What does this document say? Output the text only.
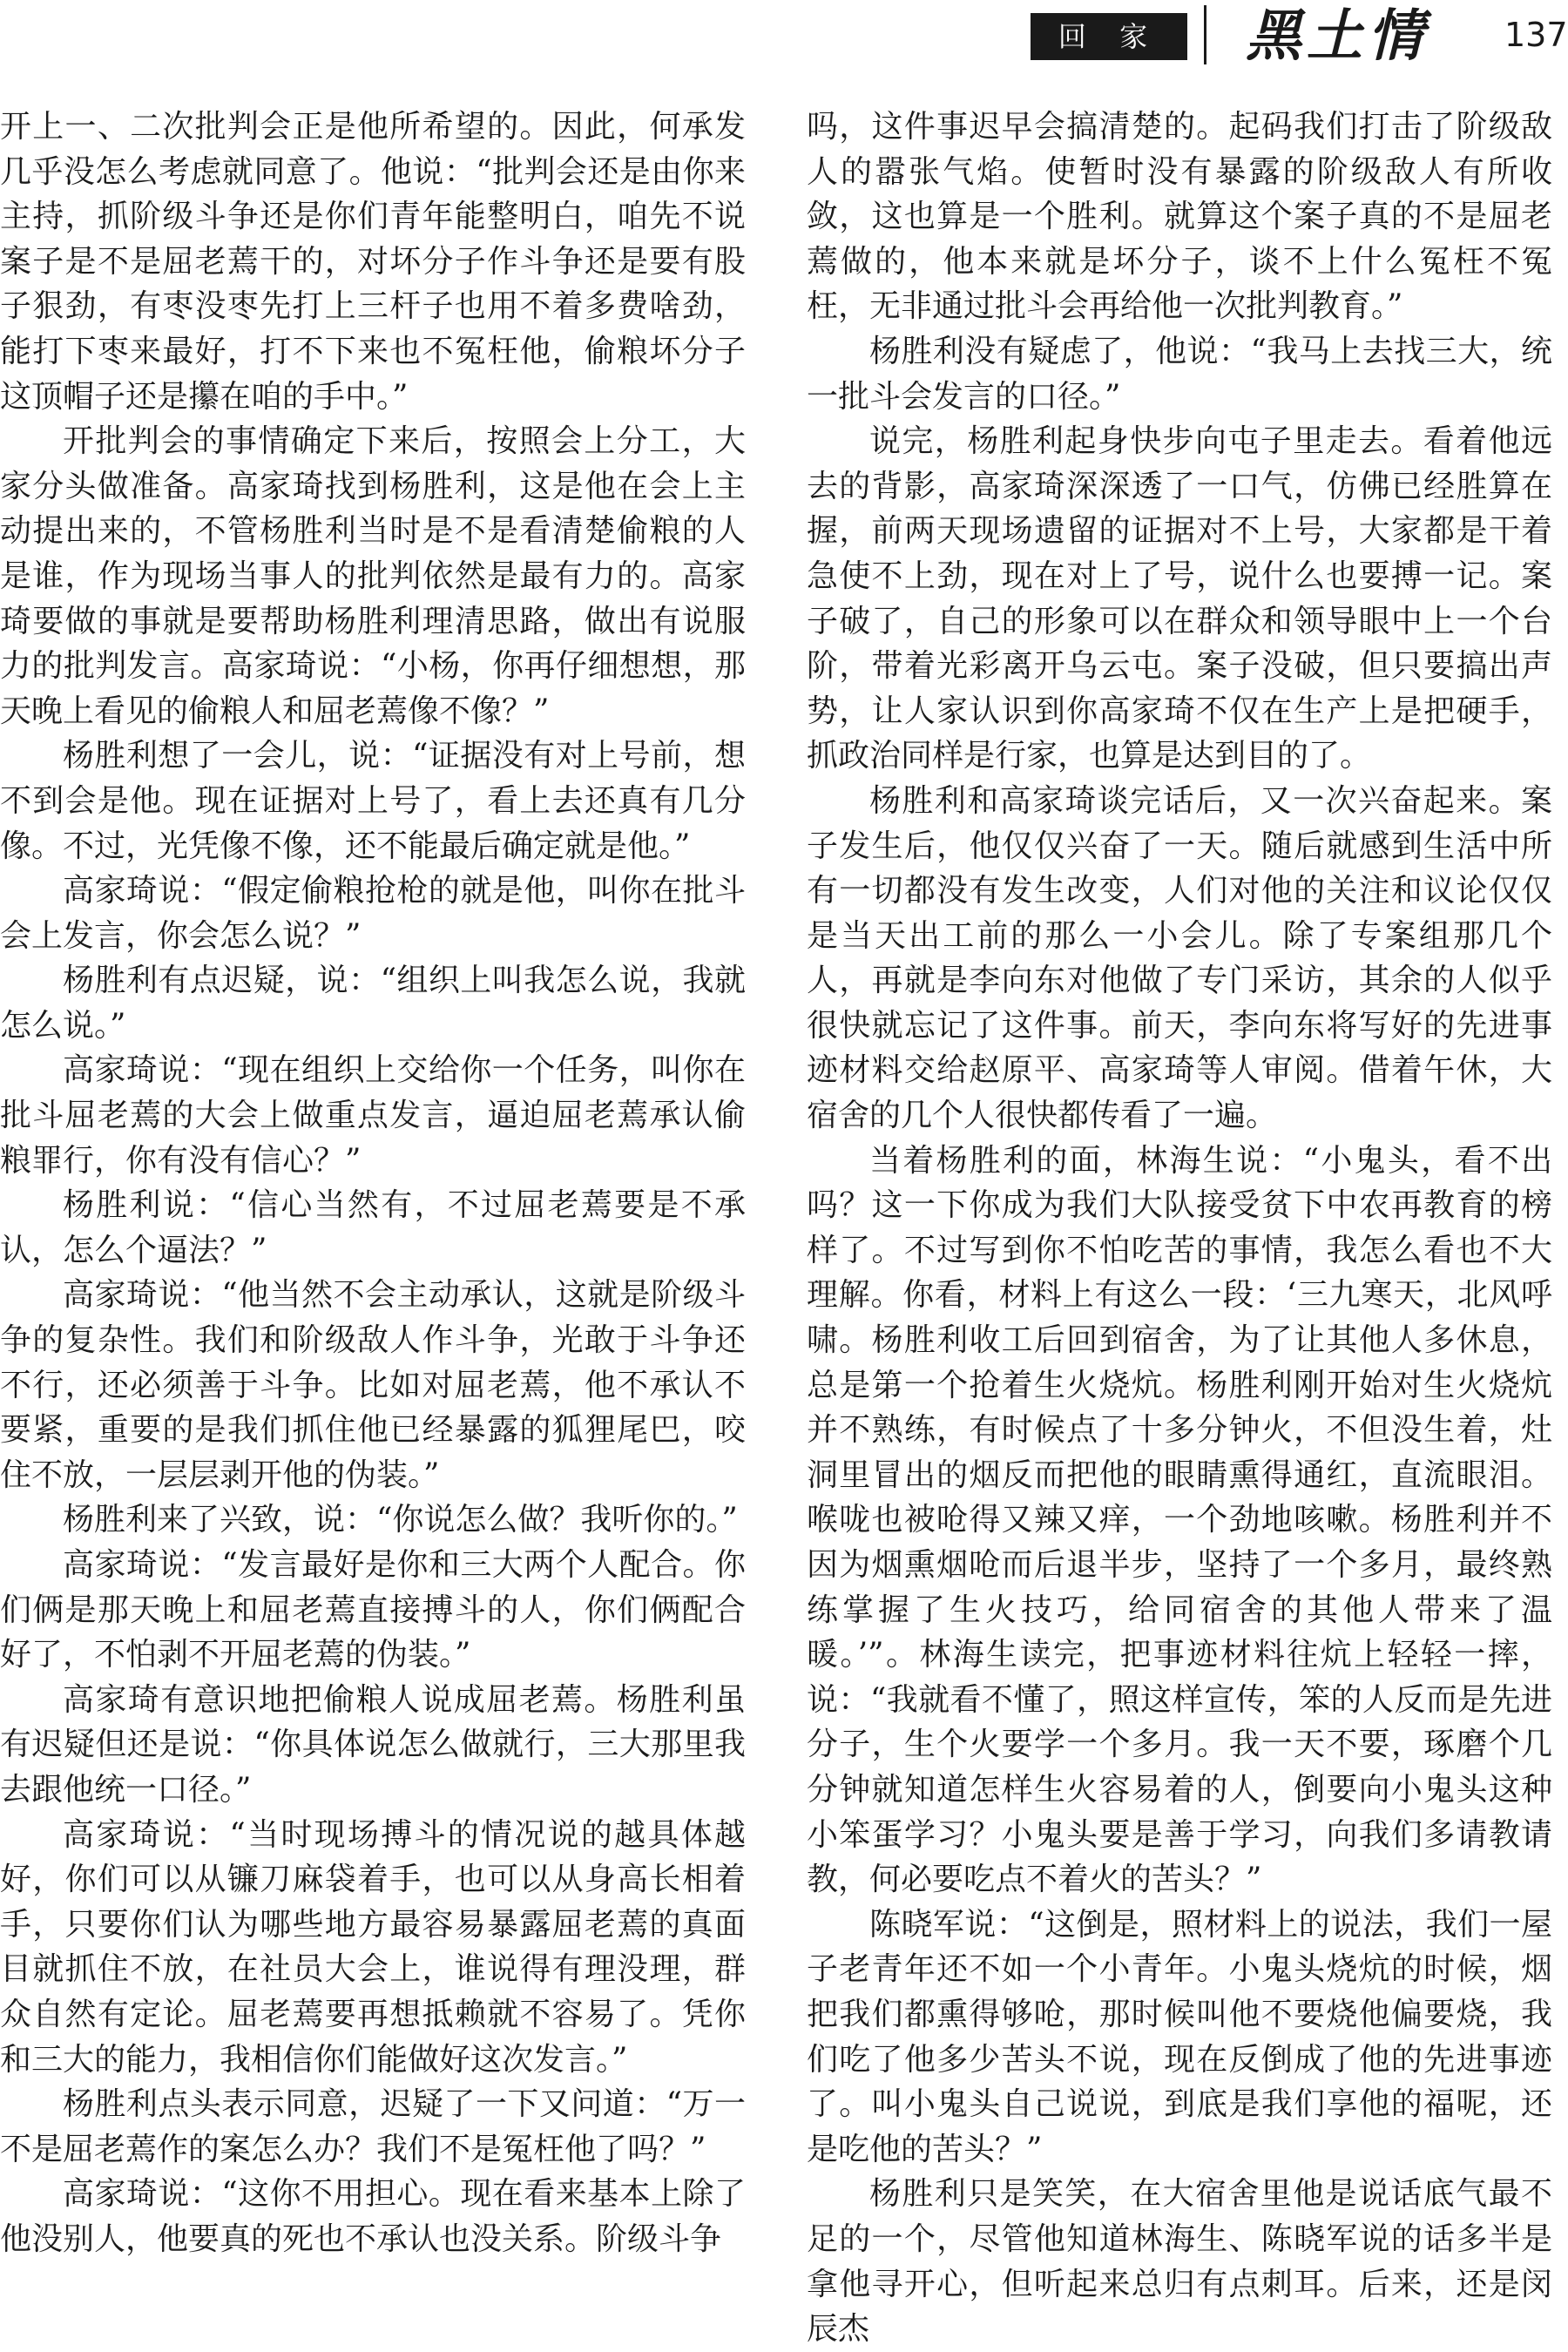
回 家	黑土情 137

开上一、二次批判会正是他所希望的。因此，何承发几乎没怎么考虑就同意了。他说：“批判会还是由你来主持，抓阶级斗争还是你们青年能整明白，咱先不说案子是不是屈老蔫干的，对坏分子作斗争还是要有股子狠劲，有枣没枣先打上三杆子也用不着多费啥劲，能打下枣来最好，打不下来也不冤枉他，偷粮坏分子这顶帽子还是攥在咱的手中。”

开批判会的事情确定下来后，按照会上分工，大家分头做准备。高家琦找到杨胜利，这是他在会上主动提出来的，不管杨胜利当时是不是看清楚偷粮的人是谁，作为现场当事人的批判依然是最有力的。高家琦要做的事就是要帮助杨胜利理清思路，做出有说服力的批判发言。高家琦说：“小杨，你再仔细想想，那天晚上看见的偷粮人和屈老蔫像不像？”

杨胜利想了一会儿，说：“证据没有对上号前，想不到会是他。现在证据对上号了，看上去还真有几分像。不过，光凭像不像，还不能最后确定就是他。”

高家琦说：“假定偷粮抢枪的就是他，叫你在批斗会上发言，你会怎么说？”

杨胜利有点迟疑，说：“组织上叫我怎么说，我就怎么说。”

高家琦说：“现在组织上交给你一个任务，叫你在批斗屈老蔫的大会上做重点发言，逼迫屈老蔫承认偷粮罪行，你有没有信心？”

杨胜利说：“信心当然有，不过屈老蔫要是不承认，怎么个逼法？”

高家琦说：“他当然不会主动承认，这就是阶级斗争的复杂性。我们和阶级敌人作斗争，光敢于斗争还不行，还必须善于斗争。比如对屈老蔫，他不承认不要紧，重要的是我们抓住他已经暴露的狐狸尾巴，咬住不放，一层层剥开他的伪装。”

杨胜利来了兴致，说：“你说怎么做？我听你的。”

高家琦说：“发言最好是你和三大两个人配合。你们俩是那天晚上和屈老蔫直接搏斗的人，你们俩配合好了，不怕剥不开屈老蔫的伪装。”

高家琦有意识地把偷粮人说成屈老蔫。杨胜利虽有迟疑但还是说：“你具体说怎么做就行，三大那里我去跟他统一口径。”

高家琦说：“当时现场搏斗的情况说的越具体越好，你们可以从镰刀麻袋着手，也可以从身高长相着手，只要你们认为哪些地方最容易暴露屈老蔫的真面目就抓住不放，在社员大会上，谁说得有理没理，群众自然有定论。屈老蔫要再想抵赖就不容易了。凭你和三大的能力，我相信你们能做好这次发言。”

杨胜利点头表示同意，迟疑了一下又问道：“万一不是屈老蔫作的案怎么办？我们不是冤枉他了吗？”

高家琦说：“这你不用担心。现在看来基本上除了他没别人，他要真的死也不承认也没关系。阶级斗争

吗，这件事迟早会搞清楚的。起码我们打击了阶级敌人的嚣张气焰。使暂时没有暴露的阶级敌人有所收敛，这也算是一个胜利。就算这个案子真的不是屈老蔫做的，他本来就是坏分子，谈不上什么冤枉不冤枉，无非通过批斗会再给他一次批判教育。”

杨胜利没有疑虑了，他说：“我马上去找三大，统一批斗会发言的口径。”

说完，杨胜利起身快步向屯子里走去。看着他远去的背影，高家琦深深透了一口气，仿佛已经胜算在握，前两天现场遗留的证据对不上号，大家都是干着急使不上劲，现在对上了号，说什么也要搏一记。案子破了，自己的形象可以在群众和领导眼中上一个台阶，带着光彩离开乌云屯。案子没破，但只要搞出声势，让人家认识到你高家琦不仅在生产上是把硬手，抓政治同样是行家，也算是达到目的了。

杨胜利和高家琦谈完话后，又一次兴奋起来。案子发生后，他仅仅兴奋了一天。随后就感到生活中所有一切都没有发生改变，人们对他的关注和议论仅仅是当天出工前的那么一小会儿。除了专案组那几个人，再就是李向东对他做了专门采访，其余的人似乎很快就忘记了这件事。前天，李向东将写好的先进事迹材料交给赵原平、高家琦等人审阅。借着午休，大宿舍的几个人很快都传看了一遍。

当着杨胜利的面，林海生说：“小鬼头，看不出吗？这一下你成为我们大队接受贫下中农再教育的榜样了。不过写到你不怕吃苦的事情，我怎么看也不大理解。你看，材料上有这么一段：‘三九寒天，北风呼啸。杨胜利收工后回到宿舍，为了让其他人多休息，总是第一个抢着生火烧炕。杨胜利刚开始对生火烧炕并不熟练，有时候点了十多分钟火，不但没生着，灶洞里冒出的烟反而把他的眼睛熏得通红，直流眼泪。喉咙也被呛得又辣又痒，一个劲地咳嗽。杨胜利并不因为烟熏烟呛而后退半步，坚持了一个多月，最终熟练掌握了生火技巧，给同宿舍的其他人带来了温暖。’”。林海生读完，把事迹材料往炕上轻轻一摔，说：“我就看不懂了，照这样宣传，笨的人反而是先进分子，生个火要学一个多月。我一天不要，琢磨个几分钟就知道怎样生火容易着的人，倒要向小鬼头这种小笨蛋学习？小鬼头要是善于学习，向我们多请教请教，何必要吃点不着火的苦头？”

陈晓军说：“这倒是，照材料上的说法，我们一屋子老青年还不如一个小青年。小鬼头烧炕的时候，烟把我们都熏得够呛，那时候叫他不要烧他偏要烧，我们吃了他多少苦头不说，现在反倒成了他的先进事迹了。叫小鬼头自己说说，到底是我们享他的福呢，还是吃他的苦头？”

杨胜利只是笑笑，在大宿舍里他是说话底气最不足的一个，尽管他知道林海生、陈晓军说的话多半是拿他寻开心，但听起来总归有点刺耳。后来，还是闵辰杰
